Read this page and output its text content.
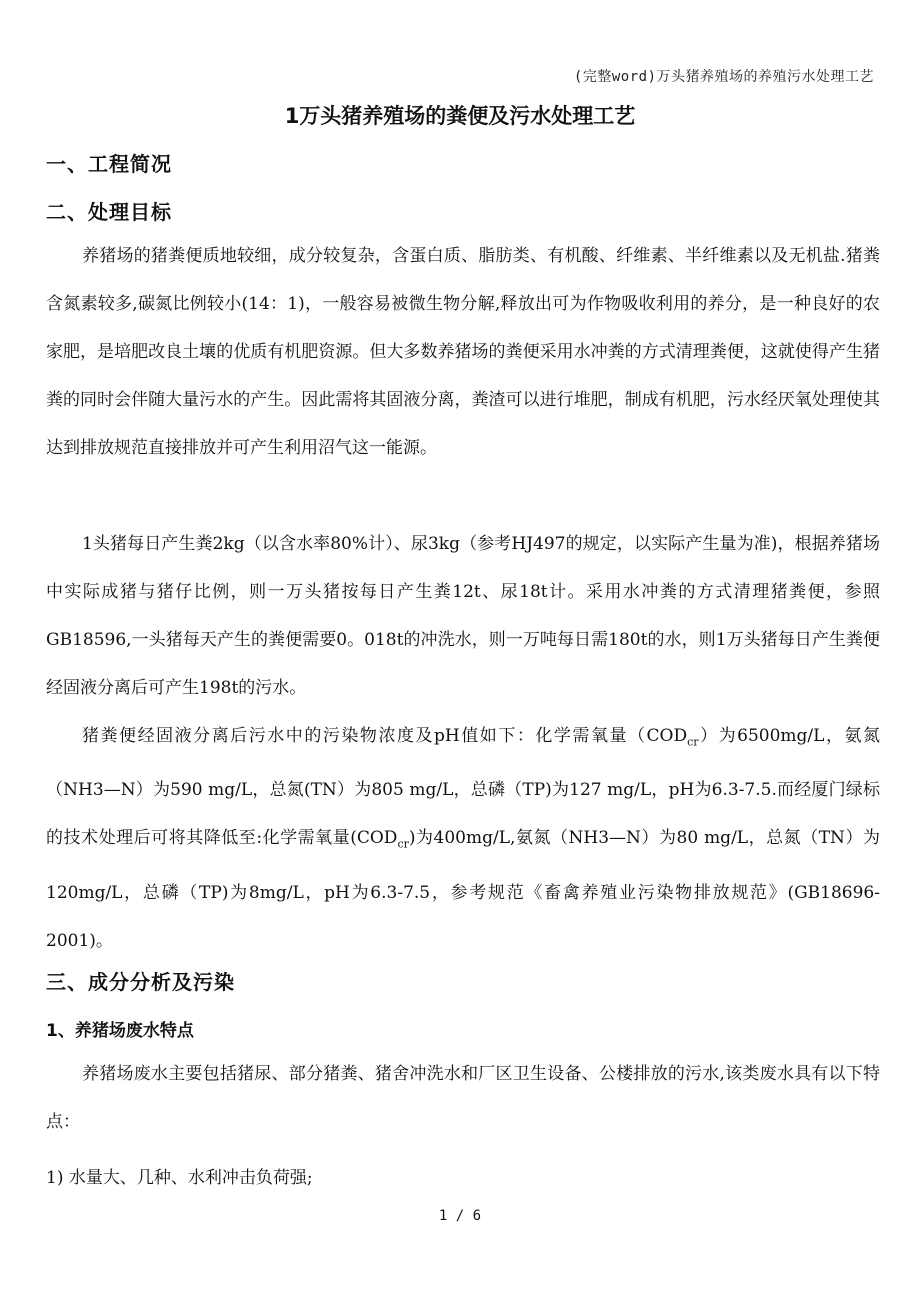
(完整word)万头猪养殖场的养殖污水处理工艺
1万头猪养殖场的粪便及污水处理工艺
一、工程简况
二、处理目标

养猪场的猪粪便质地较细，成分较复杂，含蛋白质、脂肪类、有机酸、纤维素、半纤维素以及无机盐.猪粪含氮素较多,碳氮比例较小(14：1)，一般容易被微生物分解,释放出可为作物吸收利用的养分，是一种良好的农家肥，是培肥改良土壤的优质有机肥资源。但大多数养猪场的粪便采用水冲粪的方式清理粪便，这就使得产生猪粪的同时会伴随大量污水的产生。因此需将其固液分离，粪渣可以进行堆肥，制成有机肥，污水经厌氧处理使其达到排放规范直接排放并可产生利用沼气这一能源。

1头猪每日产生粪2kg（以含水率80%计）、尿3kg（参考HJ497的规定，以实际产生量为准)，根据养猪场中实际成猪与猪仔比例，则一万头猪按每日产生粪12t、尿18t计。采用水冲粪的方式清理猪粪便，参照GB18596,一头猪每天产生的粪便需要0。018t的冲洗水，则一万吨每日需180t的水，则1万头猪每日产生粪便经固液分离后可产生198t的污水。

猪粪便经固液分离后污水中的污染物浓度及pH值如下：化学需氧量$(COD_{cr})$为6500mg/L，氨氮（NH3—N）为590 mg/L，总氮(TN）为805 mg/L，总磷（TP)为127 mg/L，pH为6.3-7.5.而经厦门绿标的技术处理后可将其降低至:化学需氧量$(COD_{cr})$为400mg/L,氨氮（NH3—N）为80 mg/L，总氮（TN）为120mg/L，总磷（TP)为8mg/L，pH为6.3-7.5，参考规范《畜禽养殖业污染物排放规范》(GB18696-2001)。

三、成分分析及污染
1、养猪场废水特点

养猪场废水主要包括猪尿、部分猪粪、猪舍冲洗水和厂区卫生设备、公楼排放的污水,该类废水具有以下特点：

1) 水量大、几种、水利冲击负荷强;
1 / 6
